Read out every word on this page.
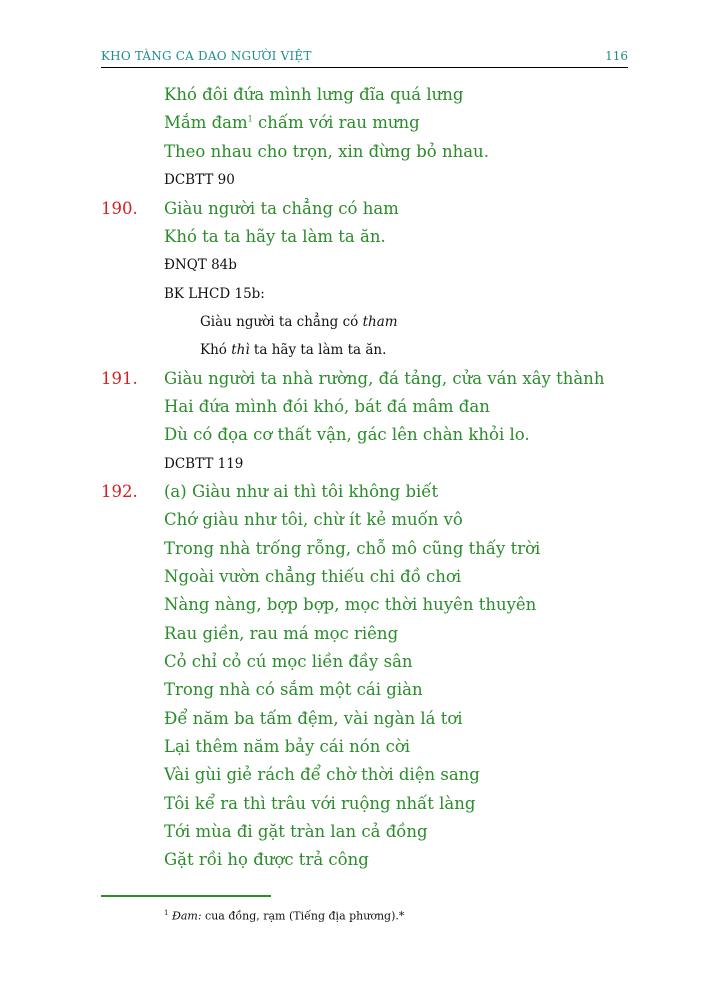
KHO TÀNG CA DAO NGƯỜI VIỆT	116
Khó đôi đứa mình lưng đĩa quá lưng
Mắm đam$^1$ chấm với rau mưng
Theo nhau cho trọn, xin đừng bỏ nhau.
DCBTT 90
190. Giàu người ta chẳng có ham
Khó ta ta hãy ta làm ta ăn.
ĐNQT 84b
BK LHCD 15b:
Giàu người ta chẳng có tham
Khó thì ta hãy ta làm ta ăn.
191. Giàu người ta nhà rường, đá tảng, cửa ván xây thành
Hai đứa mình đói khó, bát đá mâm đan
Dù có đọa cơ thất vận, gác lên chàn khỏi lo.
DCBTT 119
192. (a) Giàu như ai thì tôi không biết
Chớ giàu như tôi, chừ ít kẻ muốn vô
Trong nhà trống rỗng, chỗ mô cũng thấy trời
Ngoài vườn chẳng thiếu chi đồ chơi
Nàng nàng, bợp bợp, mọc thời huyên thuyên
Rau giền, rau má mọc riêng
Cỏ chỉ cỏ cú mọc liền đầy sân
Trong nhà có sắm một cái giàn
Để năm ba tấm đệm, vài ngàn lá tơi
Lại thêm năm bảy cái nón cời
Vài gùi giẻ rách để chờ thời diện sang
Tôi kể ra thì trâu với ruộng nhất làng
Tới mùa đi gặt tràn lan cả đồng
Gặt rồi họ được trả công
$^1$ Đam: cua đồng, rạm (Tiếng địa phương).*
